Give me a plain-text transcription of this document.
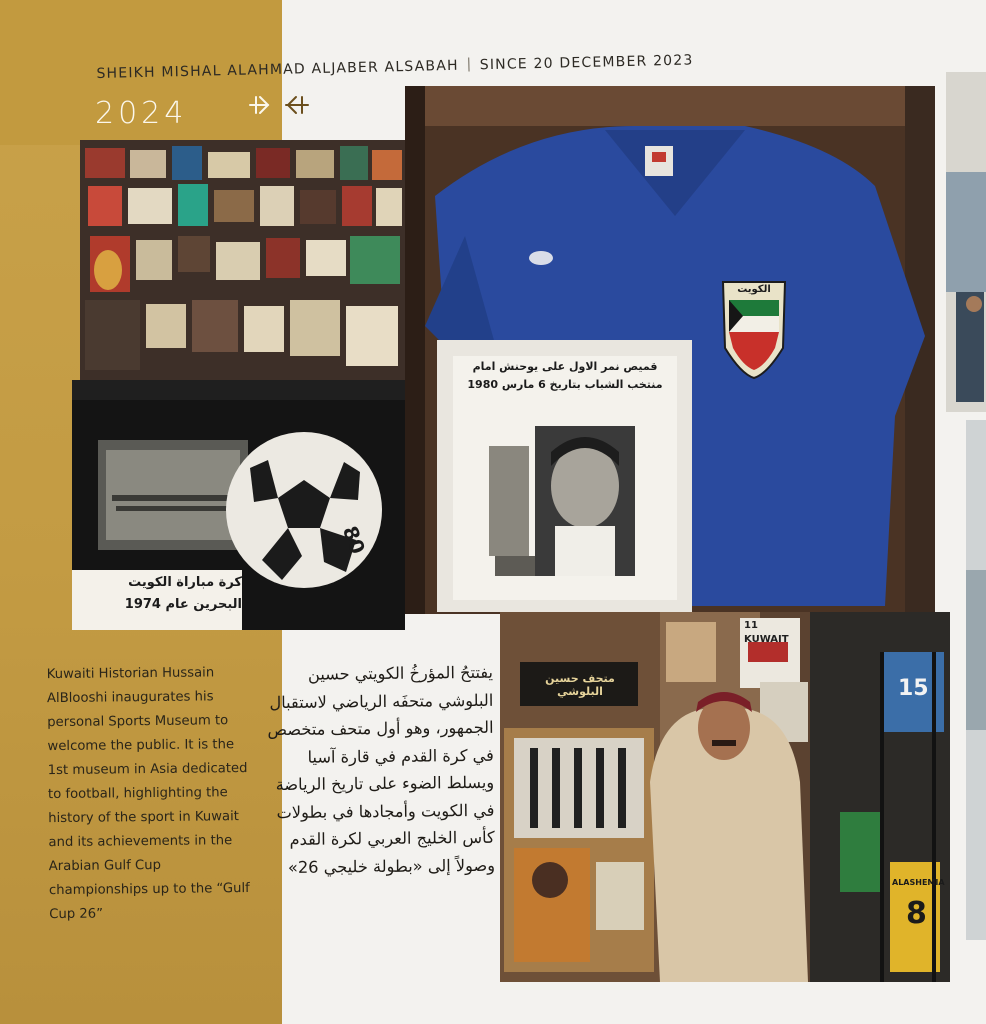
SHEIKH MISHAL ALAHMAD ALJABER ALSABAH SINCE 20 DECEMBER 2023
2024
كرة مباراة الكويت
البحرين عام 1974
80
قميص نمر الاول على يوحنش امام
منتخب الشباب بتاريخ 6 مارس 1980
الكويت
متحف حسين البلوشي
11
KUWAIT
15
ALASHEMIA
8
Kuwaiti Historian Hussain AlBlooshi inaugurates his personal Sports Museum to welcome the public. It is the 1st museum in Asia dedicated to football, highlighting the history of the sport in Kuwait and its achievements in the Arabian Gulf Cup championships up to the “Gulf Cup 26”
يفتتحُ المؤرخُ الكويتي حسين البلوشي متحفَه الرياضي لاستقبال الجمهور، وهو أول متحف متخصص في كرة القدم في قارة آسيا ويسلط الضوء على تاريخ الرياضة في الكويت وأمجادها في بطولات كأس الخليج العربي لكرة القدم وصولاً إلى «بطولة خليجي 26»
